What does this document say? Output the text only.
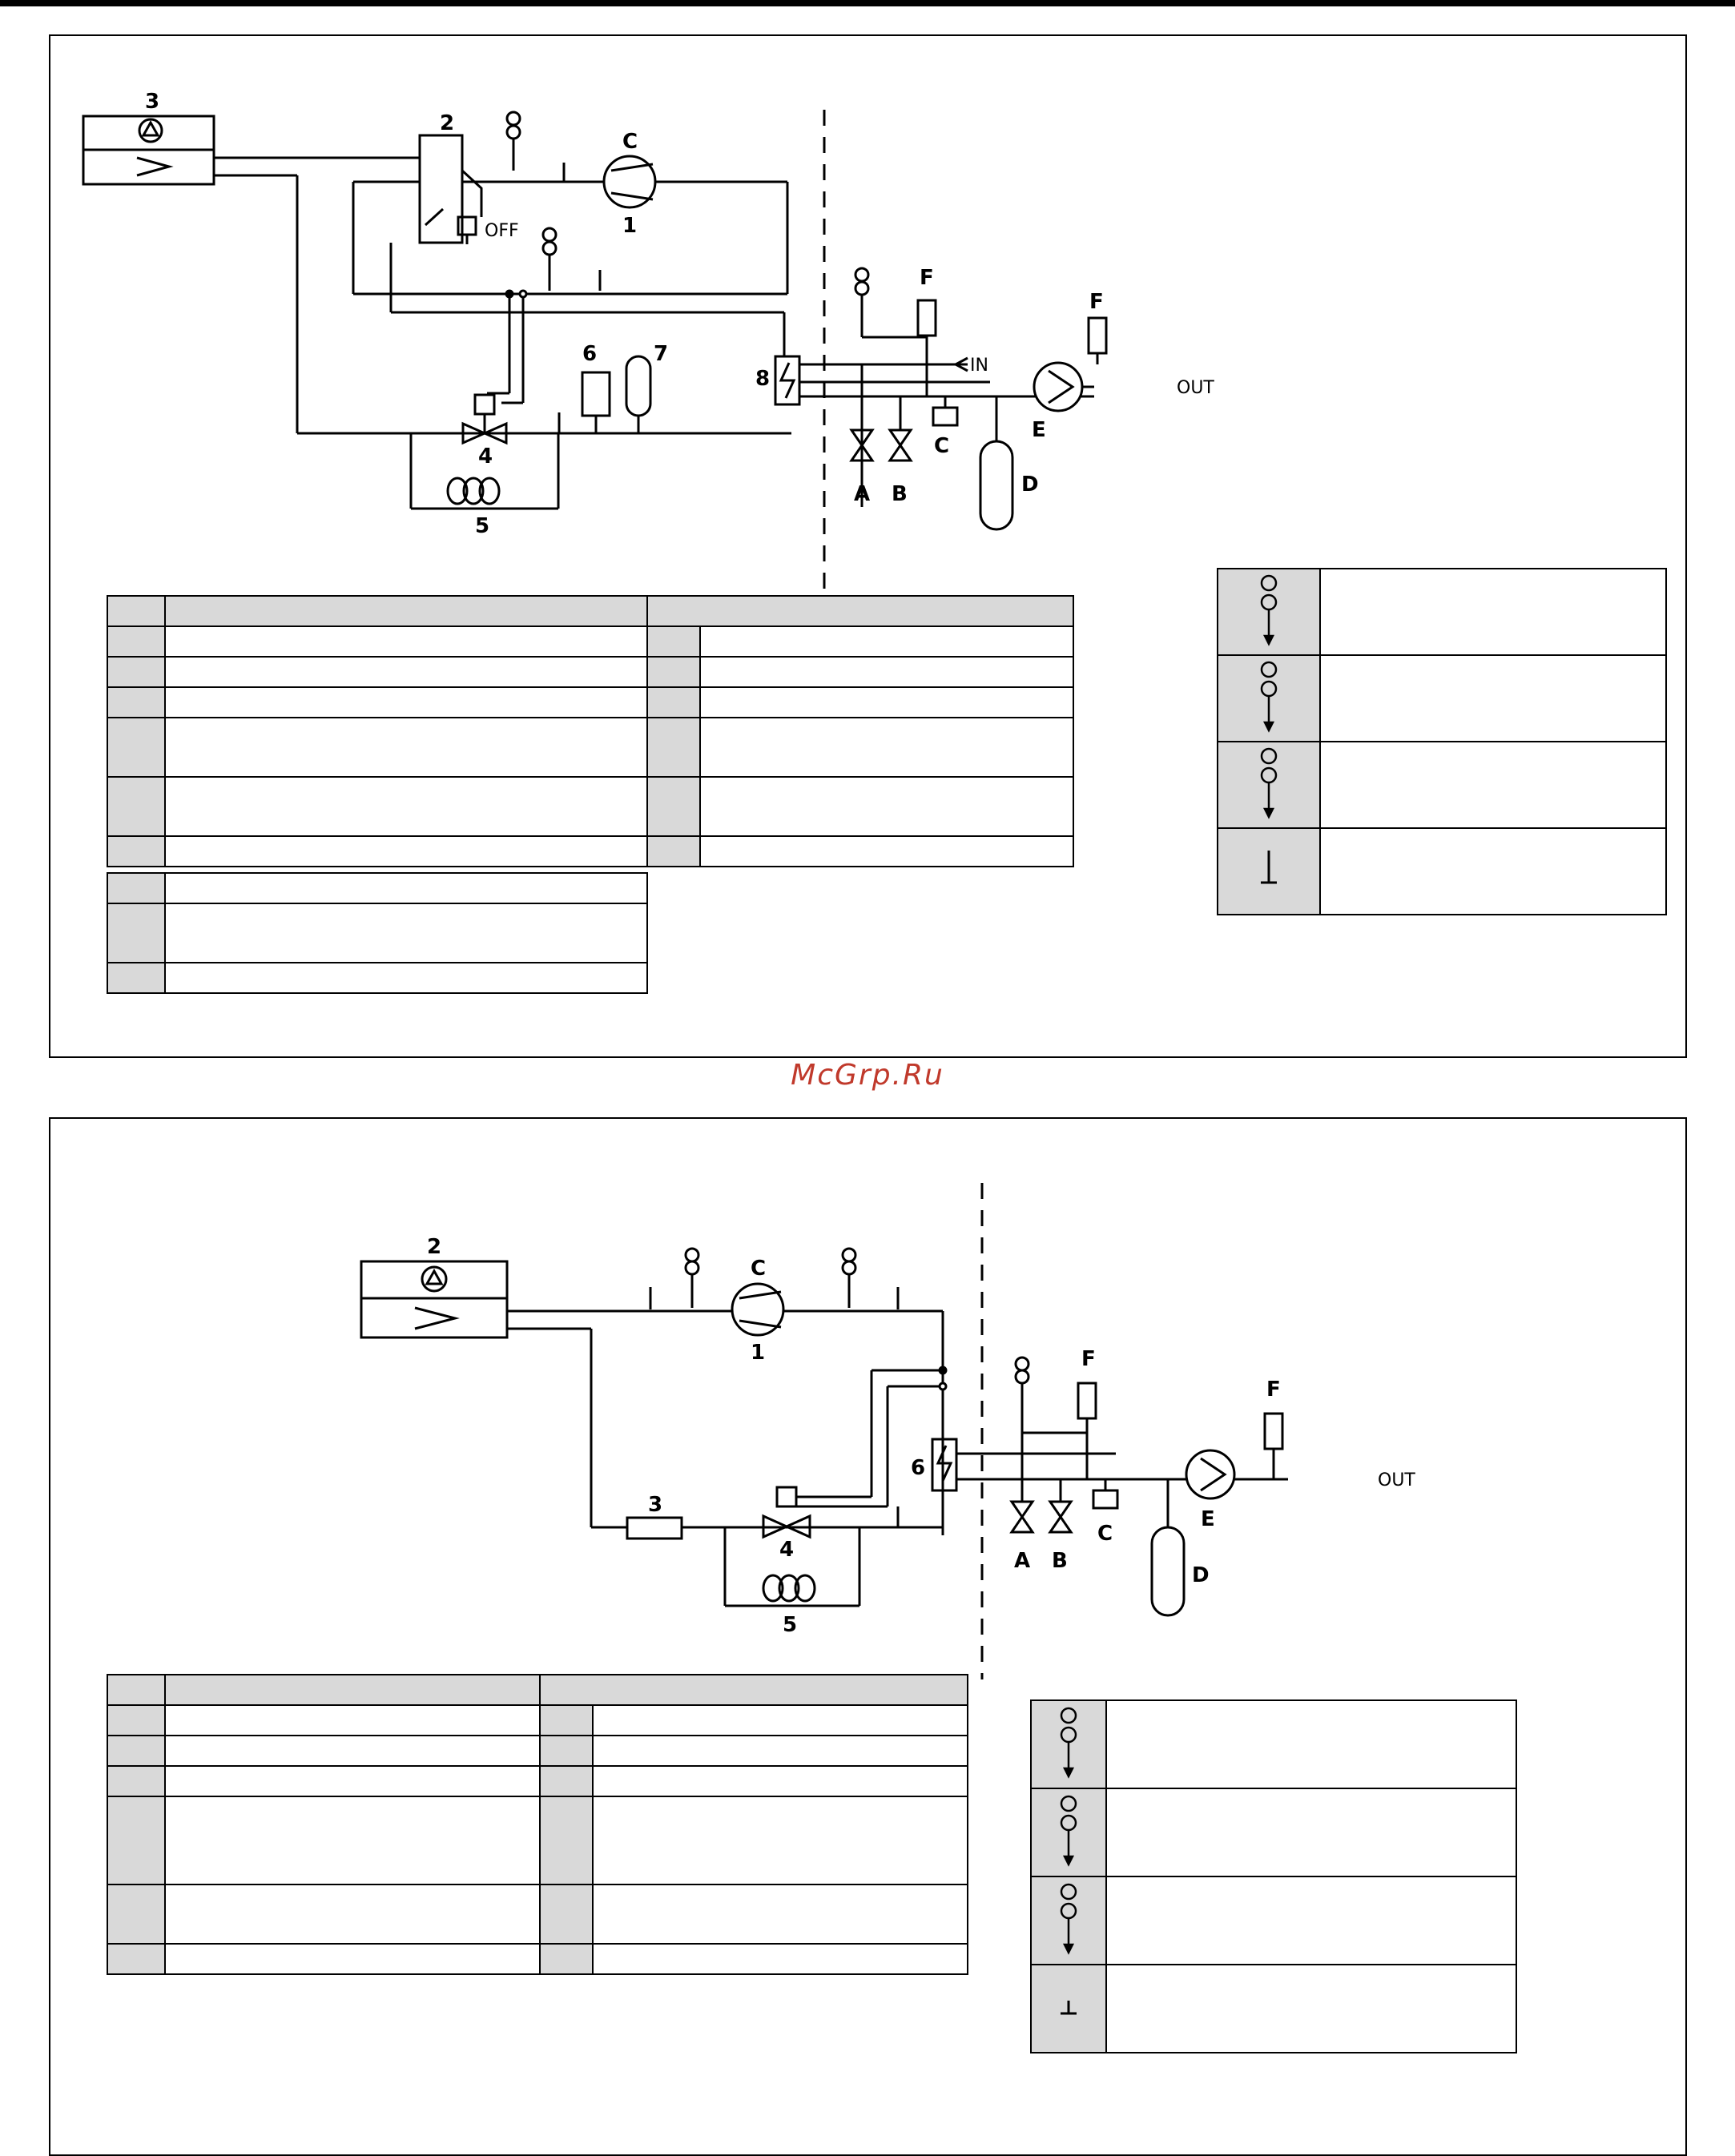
3
2
C
1
OFF
6	7
8
4
5
F
F
IN
OUT
C
E
D
A B

McGrp.Ru
2
C
1
3
4
5
6
F
F
OUT
C
E
D
A B
